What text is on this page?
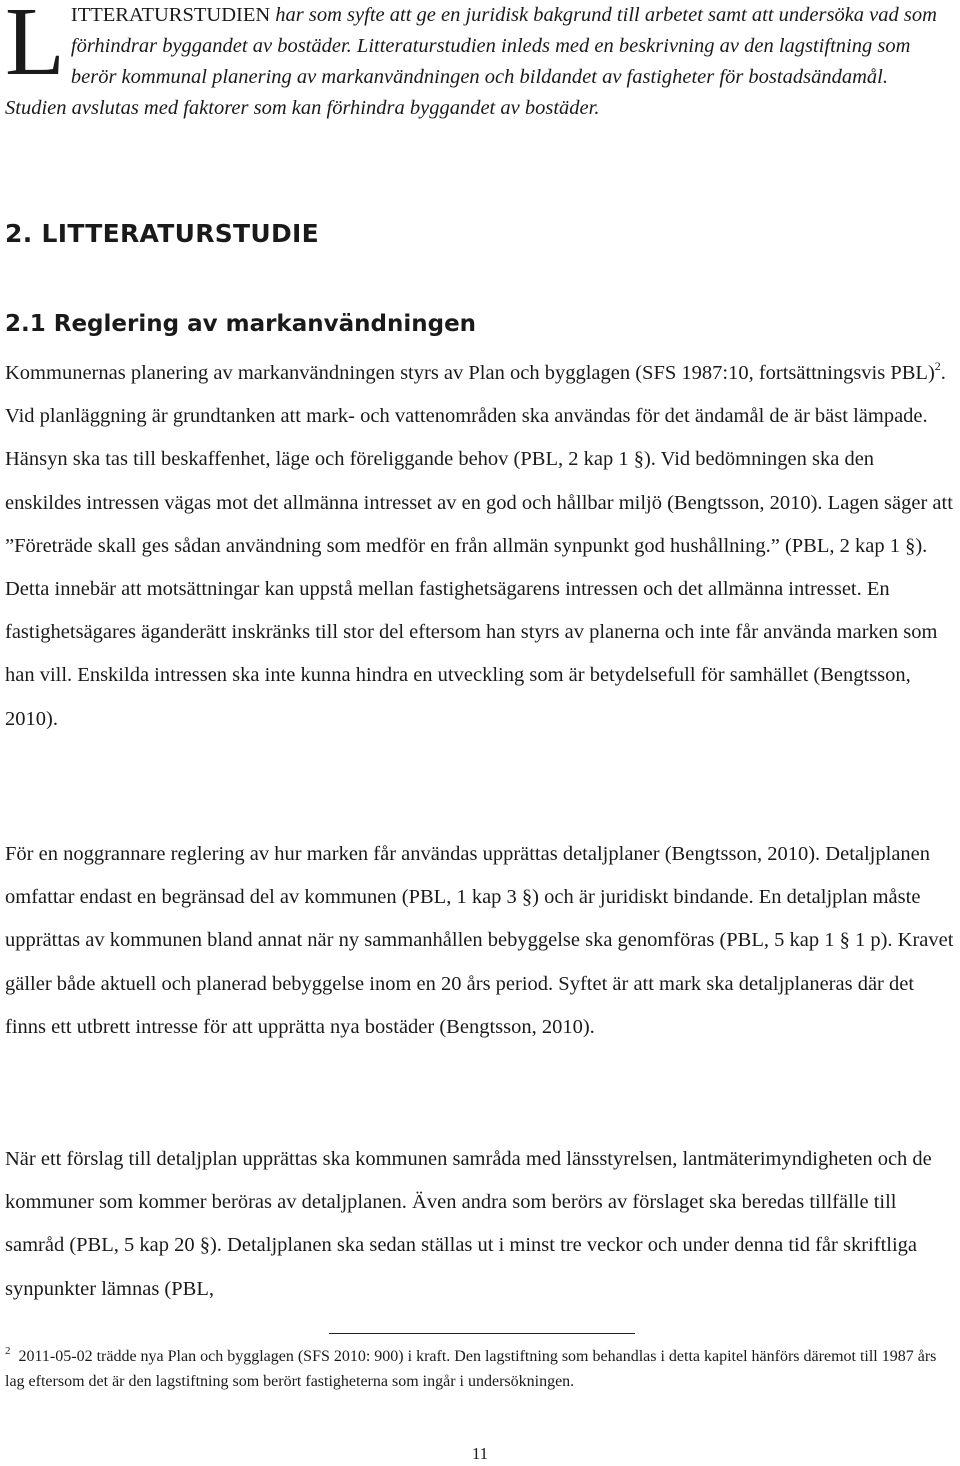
L ITTERATURSTUDIEN har som syfte att ge en juridisk bakgrund till arbetet samt att undersöka vad som förhindrar byggandet av bostäder. Litteraturstudien inleds med en beskrivning av den lagstiftning som berör kommunal planering av markanvändningen och bildandet av fastigheter för bostadsändamål. Studien avslutas med faktorer som kan förhindra byggandet av bostäder.

2. LITTERATURSTUDIE
2.1 Reglering av markanvändningen

Kommunernas planering av markanvändningen styrs av Plan och bygglagen (SFS 1987:10, fortsättningsvis PBL)$^2$. Vid planläggning är grundtanken att mark- och vattenområden ska användas för det ändamål de är bäst lämpade. Hänsyn ska tas till beskaffenhet, läge och föreliggande behov (PBL, 2 kap 1 §). Vid bedömningen ska den enskildes intressen vägas mot det allmänna intresset av en god och hållbar miljö (Bengtsson, 2010). Lagen säger att ”Företräde skall ges sådan användning som medför en från allmän synpunkt god hushållning.” (PBL, 2 kap 1 §). Detta innebär att motsättningar kan uppstå mellan fastighetsägarens intressen och det allmänna intresset. En fastighetsägares äganderätt inskränks till stor del eftersom han styrs av planerna och inte får använda marken som han vill. Enskilda intressen ska inte kunna hindra en utveckling som är betydelsefull för samhället (Bengtsson, 2010).

För en noggrannare reglering av hur marken får användas upprättas detaljplaner (Bengtsson, 2010). Detaljplanen omfattar endast en begränsad del av kommunen (PBL, 1 kap 3 §) och är juridiskt bindande. En detaljplan måste upprättas av kommunen bland annat när ny sammanhållen bebyggelse ska genomföras (PBL, 5 kap 1 § 1 p). Kravet gäller både aktuell och planerad bebyggelse inom en 20 års period. Syftet är att mark ska detaljplaneras där det finns ett utbrett intresse för att upprätta nya bostäder (Bengtsson, 2010).

När ett förslag till detaljplan upprättas ska kommunen samråda med länsstyrelsen, lantmäterimyndigheten och de kommuner som kommer beröras av detaljplanen. Även andra som berörs av förslaget ska beredas tillfälle till samråd (PBL, 5 kap 20 §). Detaljplanen ska sedan ställas ut i minst tre veckor och under denna tid får skriftliga synpunkter lämnas (PBL,

$^2$ 2011-05-02 trädde nya Plan och bygglagen (SFS 2010: 900) i kraft. Den lagstiftning som behandlas i detta kapitel hänförs däremot till 1987 års lag eftersom det är den lagstiftning som berört fastigheterna som ingår i undersökningen.

11
